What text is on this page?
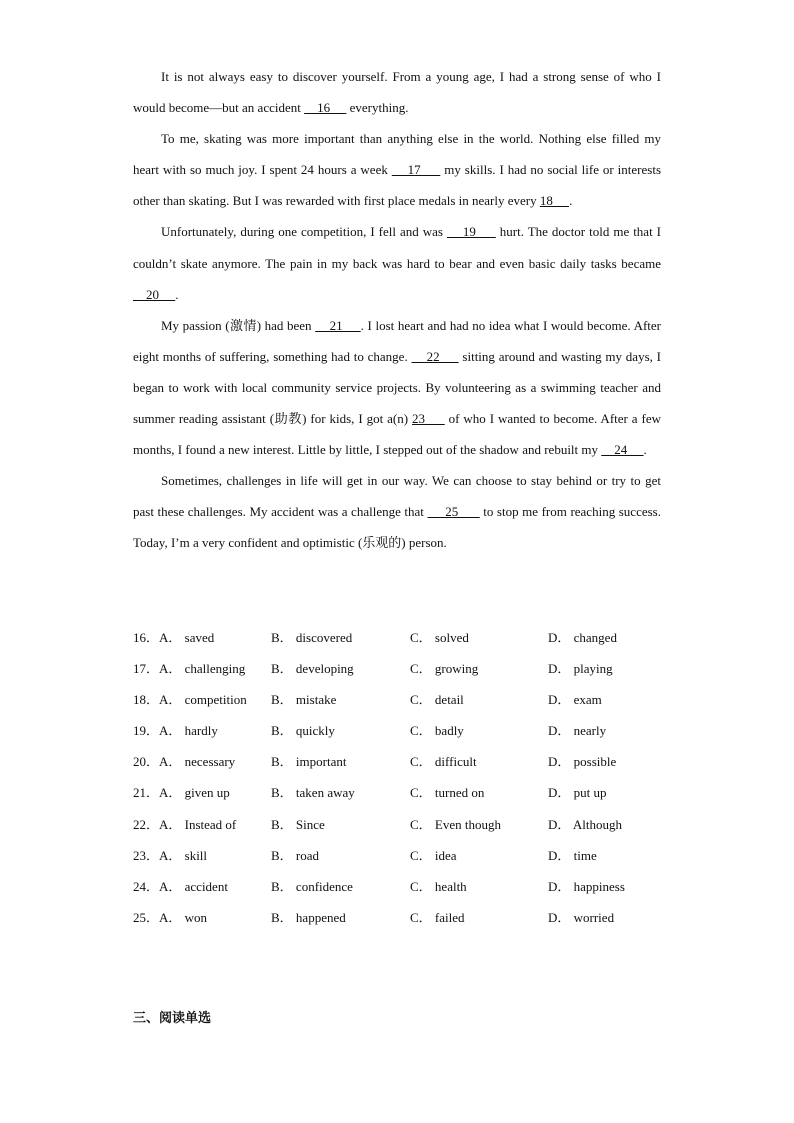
It is not always easy to discover yourself. From a young age, I had a strong sense of who I would become—but an accident     16      everything.

To me, skating was more important than anything else in the world. Nothing else filled my heart with so much joy. I spent 24 hours a week     17      my skills. I had no social life or interests other than skating. But I was rewarded with first place medals in nearly every 18     .

Unfortunately, during one competition, I fell and was     19      hurt. The doctor told me that I couldn’t skate anymore. The pain in my back was hard to bear and even basic daily tasks became     20     .

My passion (激情) had been     21     . I lost heart and had no idea what I would become. After eight months of suffering, something had to change.     22      sitting around and wasting my days, I began to work with local community service projects. By volunteering as a swimming teacher and summer reading assistant (助教) for kids, I got a(n) 23      of who I wanted to become. After a few months, I found a new interest. Little by little, I stepped out of the shadow and rebuilt my     24     .

Sometimes, challenges in life will get in our way. We can choose to stay behind or try to get past these challenges. My accident was a challenge that      25       to stop me from reaching success. Today, I’m a very confident and optimistic (乐观的) person.

16．A． saved	B． discovered	C． solved	D． changed
17．A． challenging B． developing	C． growing	D． playing
18．A． competition B． mistake	C． detail	D． exam
19．A． hardly	B． quickly	C． badly	D． nearly
20．A． necessary	B． important	C． difficult	D． possible
21．A． given up	B． taken away	C． turned on	D． put up
22．A． Instead of	B． Since	C． Even though	D． Although
23．A． skill	B． road	C． idea	D． time
24．A． accident	B． confidence	C． health	D． happiness
25．A． won	B． happened	C． failed	D． worried
三、阅读单选
